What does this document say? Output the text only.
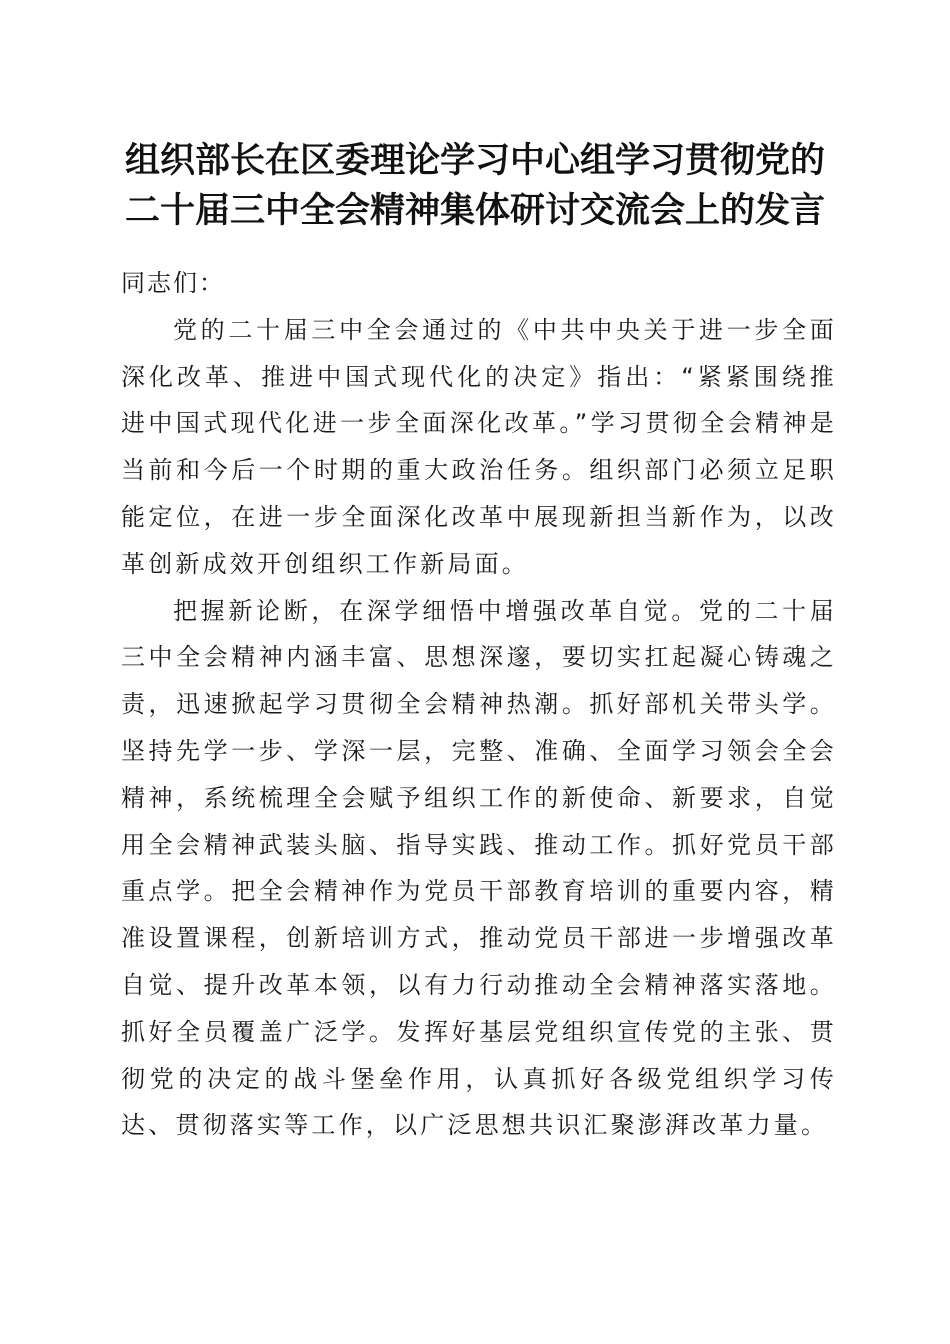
组织部长在区委理论学习中心组学习贯彻党的
二十届三中全会精神集体研讨交流会上的发言

同志们：

党的二十届三中全会通过的《中共中央关于进一步全面深化改革、推进中国式现代化的决定》指出：“紧紧围绕推进中国式现代化进一步全面深化改革。”学习贯彻全会精神是当前和今后一个时期的重大政治任务。组织部门必须立足职能定位，在进一步全面深化改革中展现新担当新作为，以改革创新成效开创组织工作新局面。

把握新论断，在深学细悟中增强改革自觉。党的二十届三中全会精神内涵丰富、思想深邃，要切实扛起凝心铸魂之责，迅速掀起学习贯彻全会精神热潮。抓好部机关带头学。坚持先学一步、学深一层，完整、准确、全面学习领会全会精神，系统梳理全会赋予组织工作的新使命、新要求，自觉用全会精神武装头脑、指导实践、推动工作。抓好党员干部重点学。把全会精神作为党员干部教育培训的重要内容，精准设置课程，创新培训方式，推动党员干部进一步增强改革自觉、提升改革本领，以有力行动推动全会精神落实落地。抓好全员覆盖广泛学。发挥好基层党组织宣传党的主张、贯彻党的决定的战斗堡垒作用，认真抓好各级党组织学习传达、贯彻落实等工作，以广泛思想共识汇聚澎湃改革力量。
